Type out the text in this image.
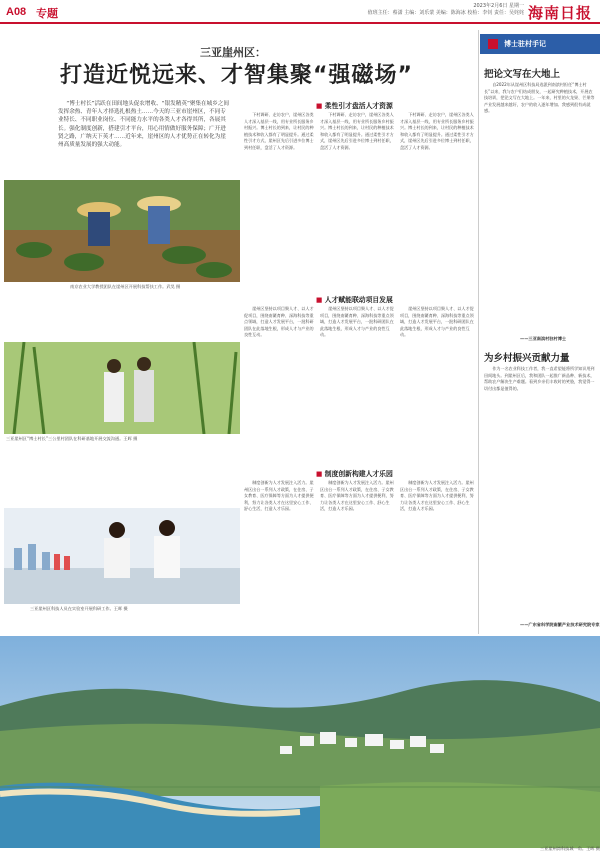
A08 专题
2023年2月6日 星期一
值班主任：蔡潇 主编：刘乐蒙 美编：陈海冰 校检：李钊 责任：吴姹姹 海南日报
三亚崖州区：
打造近悦远来、才智集聚“强磁场”
“博士村长”活跃在田间地头促农增收、“银发精英”聚集在城乡之间发挥余热、青年人才择选扎根热土……今天的三亚市崖州区，不同专业特长、不同职业岗位、不同能力水平的各类人才各得其所，各展其长。强化制度创新，搭建引才平台，用心用情做好服务保障；广开进贤之路，广纳天下英才……近年来，崖州区的人才优势正在转化为崖州高质量发展的强大动能。
南京农业大学教授团队在崖州区开展科技帮扶工作。武昊 摄
三亚崖州区“博士村长”三公里村团队在科研基地开展交流沟通。王晖 摄
三亚崖州区科技人员在实验室开展科研工作。王晖 摄
■ 柔性引才盘活人才资源
■ 人才赋能联动项目发展
■ 制度创新构建人才乐园
下村调研、走访农户，崖州区各类人才深入基层一线，用专业所长服务乡村振兴。博士村长的到来，让村民的种植技术和收入都有了明显提升。通过柔性引才方式，崖州区先后引进多位博士到村任职，盘活了人才资源。
下村调研、走访农户，崖州区各类人才深入基层一线，用专业所长服务乡村振兴。博士村长的到来，让村民的种植技术和收入都有了明显提升。通过柔性引才方式，崖州区先后引进多位博士到村任职，盘活了人才资源。
下村调研、走访农户，崖州区各类人才深入基层一线，用专业所长服务乡村振兴。博士村长的到来，让村民的种植技术和收入都有了明显提升。通过柔性引才方式，崖州区先后引进多位博士到村任职，盘活了人才资源。
崖州区坚持以项目聚人才、以人才促项目，围绕南繁育种、深海科技等重点领域，打造人才发展平台，一批科研团队在此落地生根，形成人才与产业的良性互动。
崖州区坚持以项目聚人才、以人才促项目，围绕南繁育种、深海科技等重点领域，打造人才发展平台，一批科研团队在此落地生根，形成人才与产业的良性互动。
崖州区坚持以项目聚人才、以人才促项目，围绕南繁育种、深海科技等重点领域，打造人才发展平台，一批科研团队在此落地生根，形成人才与产业的良性互动。
制度创新为人才发展注入活力。崖州区出台一系列人才政策，在住房、子女教育、医疗保障等方面为人才提供便利，努力让各类人才在这里安心工作、舒心生活，打造人才乐园。
制度创新为人才发展注入活力。崖州区出台一系列人才政策，在住房、子女教育、医疗保障等方面为人才提供便利，努力让各类人才在这里安心工作、舒心生活，打造人才乐园。
制度创新为人才发展注入活力。崖州区出台一系列人才政策，在住房、子女教育、医疗保障等方面为人才提供便利，努力让各类人才在这里安心工作、舒心生活，打造人才乐园。
博士驻村手记
把论文写在大地上
自2022年从崖州区科技局选派到南滨村担任“博士村长”以来，我与农户们结成朋友，一起研究种植技术，开展农技培训，把论文写在大地上。一年来，村里的火龙果、芒果等产业发展越来越好，农户的收入逐年增加。我感到很有成就感。
——三亚南滨村驻村博士
为乡村振兴贡献力量
作为一名农业科技工作者，我一直希望能将所学知识用到田间地头。到崖州区后，我和团队一起推广新品种、新技术，帮助农户解决生产难题。看到乡亲们丰收时的笑脸，我觉得一切付出都是值得的。
——广东省科学院南繁产业技术研究院专家
三亚崖州湾科技城一角。王晖 摄
